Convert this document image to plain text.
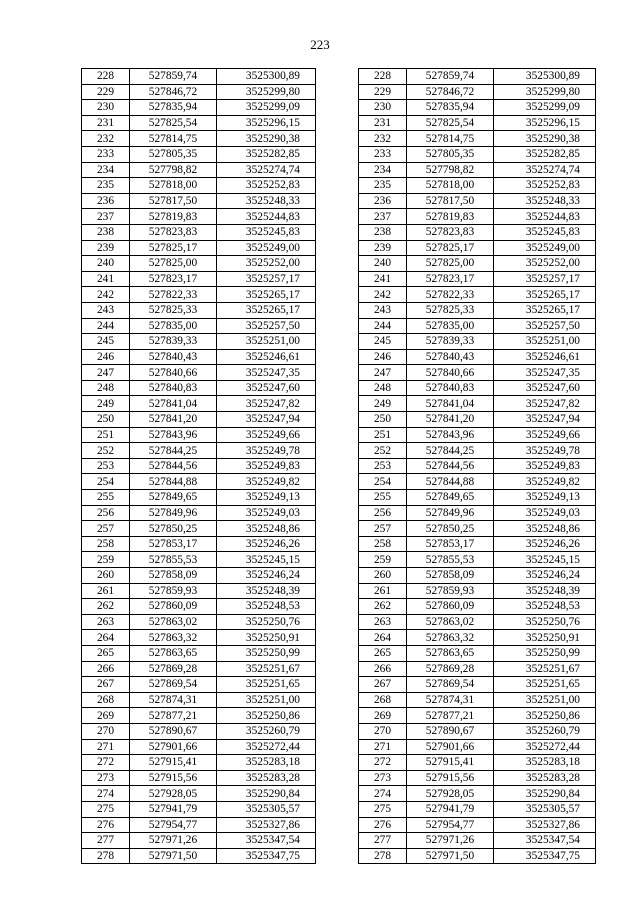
223
228	527859,74	3525300,89		228	527859,74	3525300,89
229	527846,72	3525299,80		229	527846,72	3525299,80
230	527835,94	3525299,09		230	527835,94	3525299,09
231	527825,54	3525296,15		231	527825,54	3525296,15
232	527814,75	3525290,38		232	527814,75	3525290,38
233	527805,35	3525282,85		233	527805,35	3525282,85
234	527798,82	3525274,74		234	527798,82	3525274,74
235	527818,00	3525252,83		235	527818,00	3525252,83
236	527817,50	3525248,33		236	527817,50	3525248,33
237	527819,83	3525244,83		237	527819,83	3525244,83
238	527823,83	3525245,83		238	527823,83	3525245,83
239	527825,17	3525249,00		239	527825,17	3525249,00
240	527825,00	3525252,00		240	527825,00	3525252,00
241	527823,17	3525257,17		241	527823,17	3525257,17
242	527822,33	3525265,17		242	527822,33	3525265,17
243	527825,33	3525265,17		243	527825,33	3525265,17
244	527835,00	3525257,50		244	527835,00	3525257,50
245	527839,33	3525251,00		245	527839,33	3525251,00
246	527840,43	3525246,61		246	527840,43	3525246,61
247	527840,66	3525247,35		247	527840,66	3525247,35
248	527840,83	3525247,60		248	527840,83	3525247,60
249	527841,04	3525247,82		249	527841,04	3525247,82
250	527841,20	3525247,94		250	527841,20	3525247,94
251	527843,96	3525249,66		251	527843,96	3525249,66
252	527844,25	3525249,78		252	527844,25	3525249,78
253	527844,56	3525249,83		253	527844,56	3525249,83
254	527844,88	3525249,82		254	527844,88	3525249,82
255	527849,65	3525249,13		255	527849,65	3525249,13
256	527849,96	3525249,03		256	527849,96	3525249,03
257	527850,25	3525248,86		257	527850,25	3525248,86
258	527853,17	3525246,26		258	527853,17	3525246,26
259	527855,53	3525245,15		259	527855,53	3525245,15
260	527858,09	3525246,24		260	527858,09	3525246,24
261	527859,93	3525248,39		261	527859,93	3525248,39
262	527860,09	3525248,53		262	527860,09	3525248,53
263	527863,02	3525250,76		263	527863,02	3525250,76
264	527863,32	3525250,91		264	527863,32	3525250,91
265	527863,65	3525250,99		265	527863,65	3525250,99
266	527869,28	3525251,67		266	527869,28	3525251,67
267	527869,54	3525251,65		267	527869,54	3525251,65
268	527874,31	3525251,00		268	527874,31	3525251,00
269	527877,21	3525250,86		269	527877,21	3525250,86
270	527890,67	3525260,79		270	527890,67	3525260,79
271	527901,66	3525272,44		271	527901,66	3525272,44
272	527915,41	3525283,18		272	527915,41	3525283,18
273	527915,56	3525283,28		273	527915,56	3525283,28
274	527928,05	3525290,84		274	527928,05	3525290,84
275	527941,79	3525305,57		275	527941,79	3525305,57
276	527954,77	3525327,86		276	527954,77	3525327,86
277	527971,26	3525347,54		277	527971,26	3525347,54
278	527971,50	3525347,75		278	527971,50	3525347,75
